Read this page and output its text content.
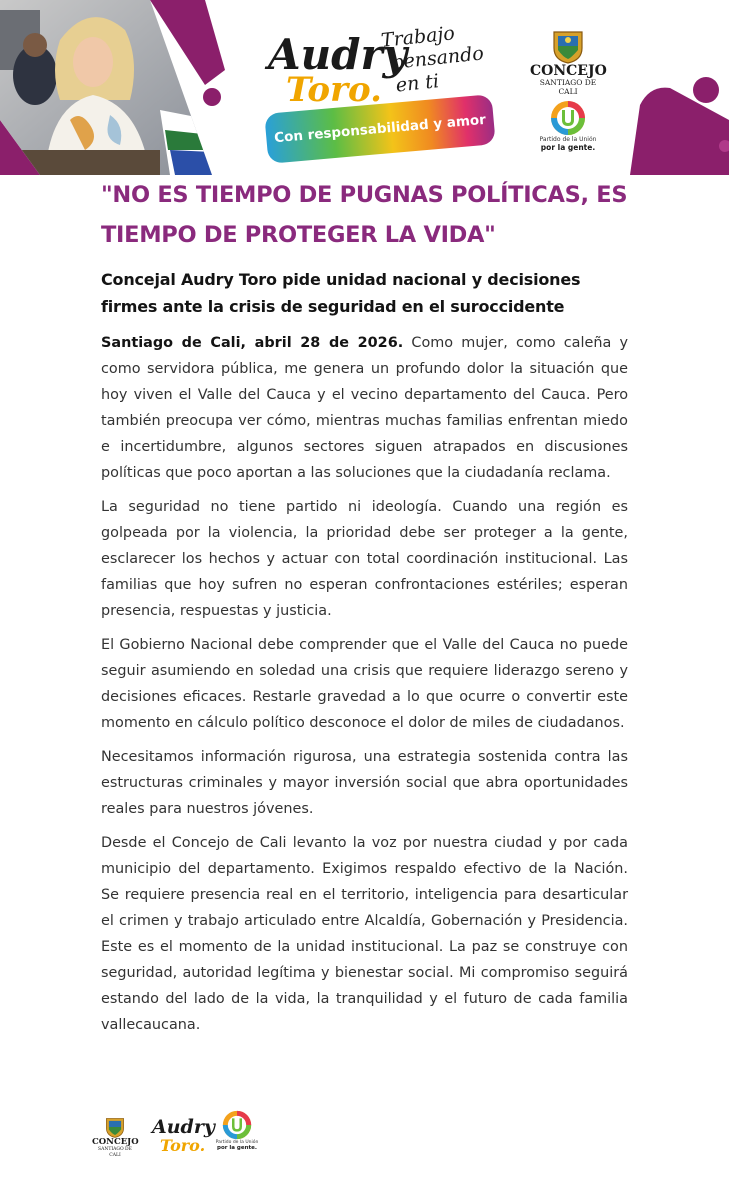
Audry
Toro.
Trabajo
pensando
en ti
Con responsabilidad y amor
CONCEJO
SANTIAGO DE CALI
Partido de la Unión
por la gente.
"NO ES TIEMPO DE PUGNAS POLÍTICAS, ES TIEMPO DE PROTEGER LA VIDA"
Concejal Audry Toro pide unidad nacional y decisiones firmes ante la crisis de seguridad en el suroccidente

Santiago de Cali, abril 28 de 2026. Como mujer, como caleña y como servidora pública, me genera un profundo dolor la situación que hoy viven el Valle del Cauca y el vecino departamento del Cauca. Pero también preocupa ver cómo, mientras muchas familias enfrentan miedo e incertidumbre, algunos sectores siguen atrapados en discusiones políticas que poco aportan a las soluciones que la ciudadanía reclama.

La seguridad no tiene partido ni ideología. Cuando una región es golpeada por la violencia, la prioridad debe ser proteger a la gente, esclarecer los hechos y actuar con total coordinación institucional. Las familias que hoy sufren no esperan confrontaciones estériles; esperan presencia, respuestas y justicia.

El Gobierno Nacional debe comprender que el Valle del Cauca no puede seguir asumiendo en soledad una crisis que requiere liderazgo sereno y decisiones eficaces. Restarle gravedad a lo que ocurre o convertir este momento en cálculo político desconoce el dolor de miles de ciudadanos.

Necesitamos información rigurosa, una estrategia sostenida contra las estructuras criminales y mayor inversión social que abra oportunidades reales para nuestros jóvenes.

Desde el Concejo de Cali levanto la voz por nuestra ciudad y por cada municipio del departamento. Exigimos respaldo efectivo de la Nación. Se requiere presencia real en el territorio, inteligencia para desarticular el crimen y trabajo articulado entre Alcaldía, Gobernación y Presidencia. Este es el momento de la unidad institucional. La paz se construye con seguridad, autoridad legítima y bienestar social. Mi compromiso seguirá estando del lado de la vida, la tranquilidad y el futuro de cada familia vallecaucana.

CONCEJO
SANTIAGO DE CALI
Audry
Toro.	Partido de la Unión
por la gente.
